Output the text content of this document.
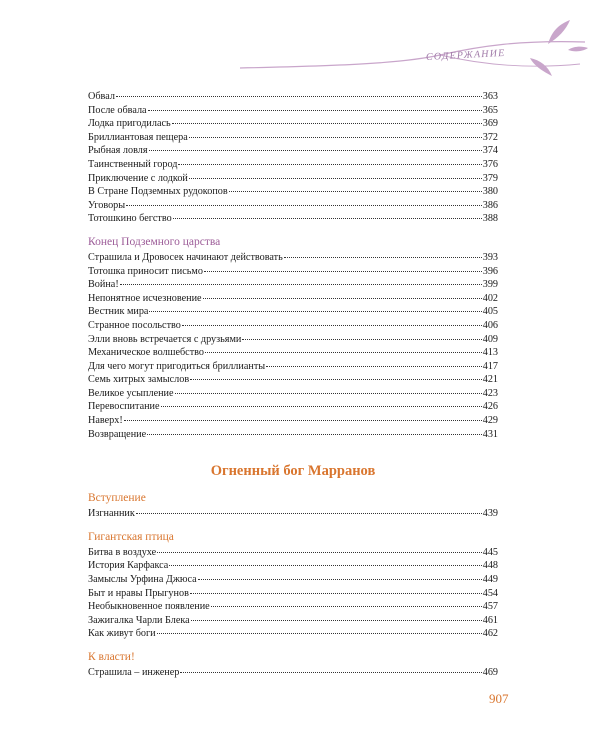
СОДЕРЖАНИЕ
Обвал	363
После обвала	365
Лодка пригодилась	369
Бриллиантовая пещера	372
Рыбная ловля	374
Таинственный город	376
Приключение с лодкой	379
В Стране Подземных рудокопов	380
Уговоры	386
Тотошкино бегство	388
Конец Подземного царства
Страшила и Дровосек начинают действовать	393
Тотошка приносит письмо	396
Война!	399
Непонятное исчезновение	402
Вестник мира	405
Странное посольство	406
Элли вновь встречается с друзьями	409
Механическое волшебство	413
Для чего могут пригодиться бриллианты	417
Семь хитрых замыслов	421
Великое усыпление	423
Перевоспитание	426
Наверх!	429
Возвращение	431
Огненный бог Марранов
Вступление
Изгнанник	439
Гигантская птица
Битва в воздухе	445
История Карфакса	448
Замыслы Урфина Джюса	449
Быт и нравы Прыгунов	454
Необыкновенное появление	457
Зажигалка Чарли Блека	461
Как живут боги	462
К власти!
Страшила – инженер	469
907
